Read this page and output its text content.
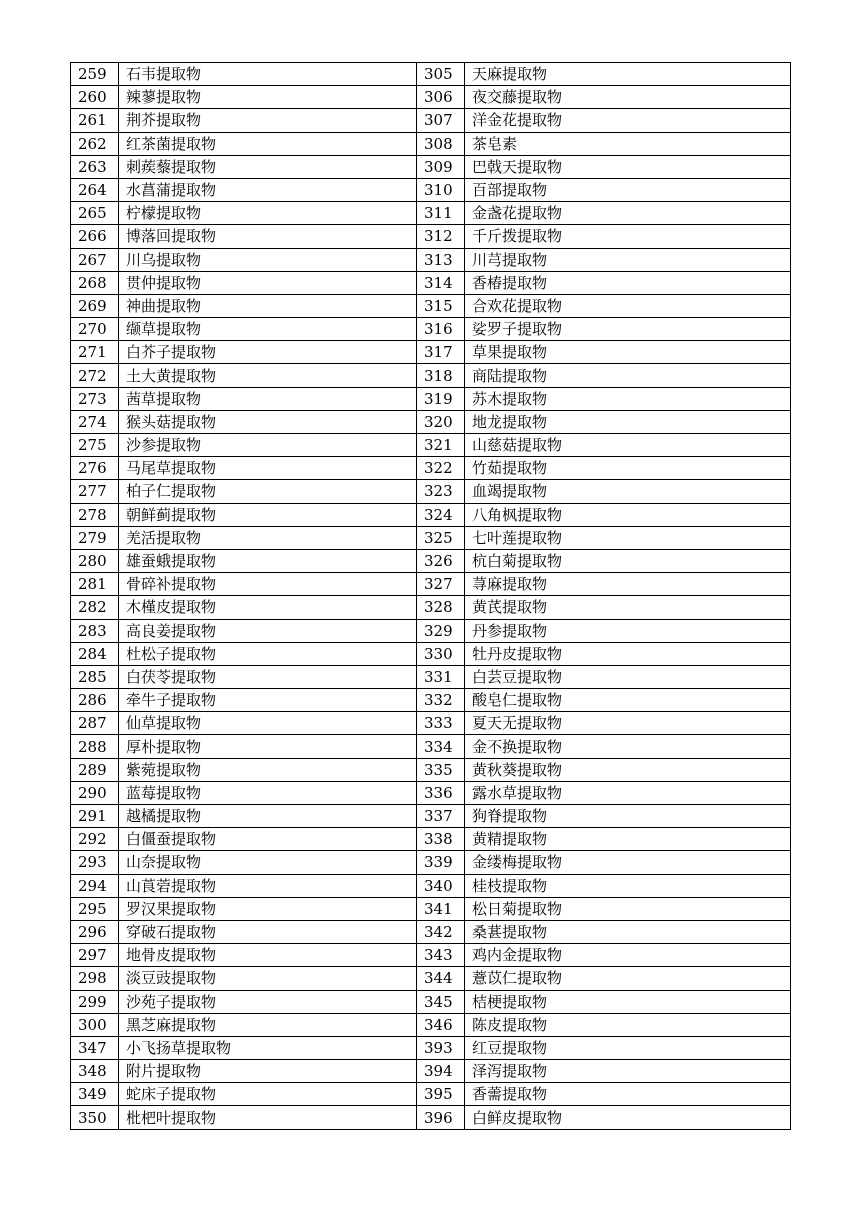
259	石韦提取物	305	天麻提取物
260	辣蓼提取物	306	夜交藤提取物
261	荆芥提取物	307	洋金花提取物
262	红茶菌提取物	308	茶皂素
263	刺蒺藜提取物	309	巴戟天提取物
264	水菖蒲提取物	310	百部提取物
265	柠檬提取物	311	金盏花提取物
266	博落回提取物	312	千斤拨提取物
267	川乌提取物	313	川芎提取物
268	贯仲提取物	314	香椿提取物
269	神曲提取物	315	合欢花提取物
270	缬草提取物	316	娑罗子提取物
271	白芥子提取物	317	草果提取物
272	土大黄提取物	318	商陆提取物
273	茜草提取物	319	苏木提取物
274	猴头菇提取物	320	地龙提取物
275	沙参提取物	321	山慈菇提取物
276	马尾草提取物	322	竹茹提取物
277	柏子仁提取物	323	血竭提取物
278	朝鲜蓟提取物	324	八角枫提取物
279	羌活提取物	325	七叶莲提取物
280	雄蚕蛾提取物	326	杭白菊提取物
281	骨碎补提取物	327	荨麻提取物
282	木槿皮提取物	328	黄芪提取物
283	高良姜提取物	329	丹参提取物
284	杜松子提取物	330	牡丹皮提取物
285	白茯苓提取物	331	白芸豆提取物
286	牵牛子提取物	332	酸皂仁提取物
287	仙草提取物	333	夏天无提取物
288	厚朴提取物	334	金不换提取物
289	紫菀提取物	335	黄秋葵提取物
290	蓝莓提取物	336	露水草提取物
291	越橘提取物	337	狗脊提取物
292	白僵蚕提取物	338	黄精提取物
293	山奈提取物	339	金缕梅提取物
294	山莨菪提取物	340	桂枝提取物
295	罗汉果提取物	341	松日菊提取物
296	穿破石提取物	342	桑葚提取物
297	地骨皮提取物	343	鸡内金提取物
298	淡豆豉提取物	344	薏苡仁提取物
299	沙苑子提取物	345	桔梗提取物
300	黑芝麻提取物	346	陈皮提取物
347	小飞扬草提取物	393	红豆提取物
348	附片提取物	394	泽泻提取物
349	蛇床子提取物	395	香薷提取物
350	枇杷叶提取物	396	白鲜皮提取物
